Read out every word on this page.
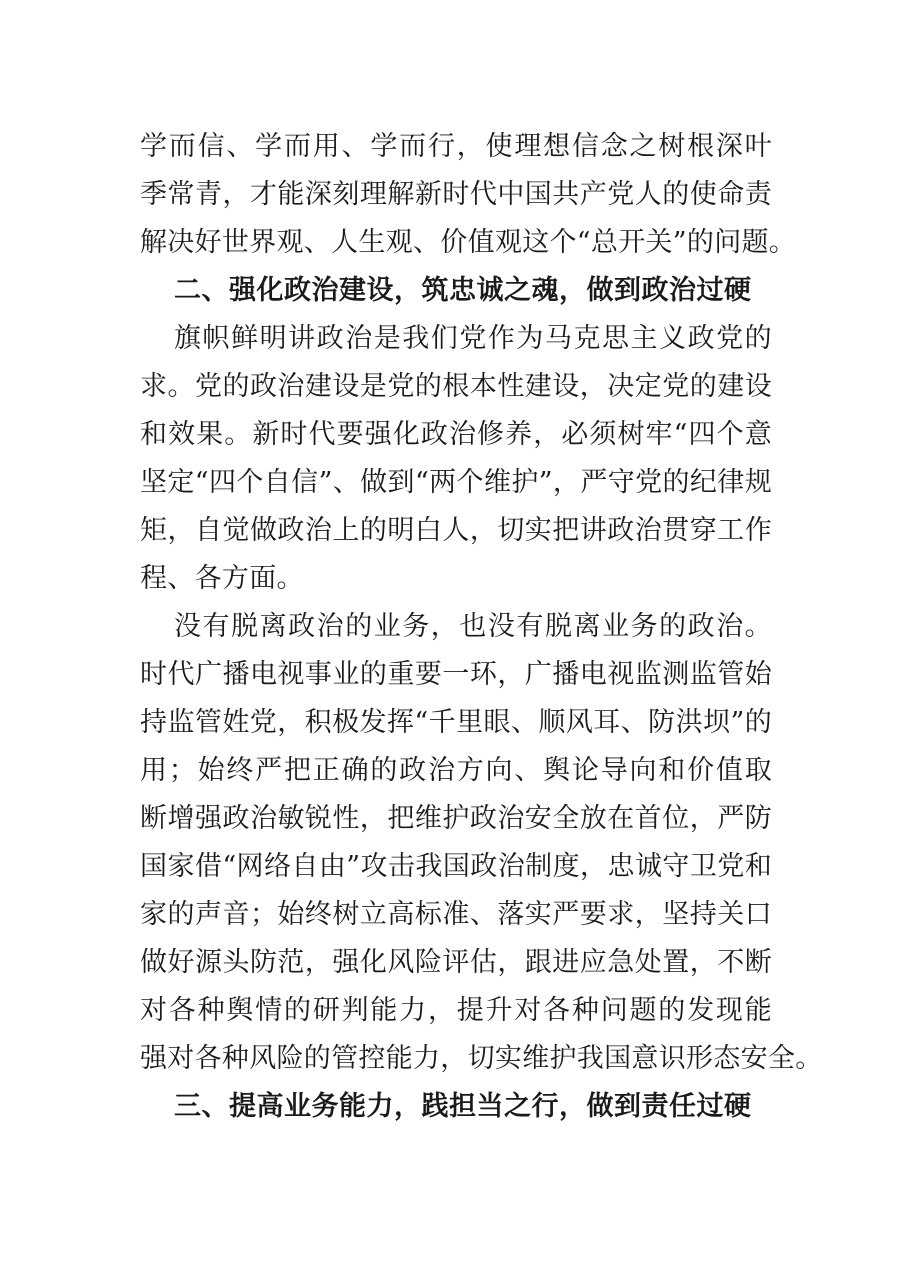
学而信、学而用、学而行，使理想信念之树根深叶
季常青，才能深刻理解新时代中国共产党人的使命责
解决好世界观、人生观、价值观这个“总开关”的问题。
二、强化政治建设，筑忠诚之魂，做到政治过硬
旗帜鲜明讲政治是我们党作为马克思主义政党的
求。党的政治建设是党的根本性建设，决定党的建设
和效果。新时代要强化政治修养，必须树牢“四个意
坚定“四个自信”、做到“两个维护”，严守党的纪律规
矩，自觉做政治上的明白人，切实把讲政治贯穿工作
程、各方面。
没有脱离政治的业务，也没有脱离业务的政治。
时代广播电视事业的重要一环，广播电视监测监管始
持监管姓党，积极发挥“千里眼、顺风耳、防洪坝”的
用；始终严把正确的政治方向、舆论导向和价值取
断增强政治敏锐性，把维护政治安全放在首位，严防
国家借“网络自由”攻击我国政治制度，忠诚守卫党和
家的声音；始终树立高标准、落实严要求，坚持关口
做好源头防范，强化风险评估，跟进应急处置，不断
对各种舆情的研判能力，提升对各种问题的发现能
强对各种风险的管控能力，切实维护我国意识形态安全。
三、提高业务能力，践担当之行，做到责任过硬
